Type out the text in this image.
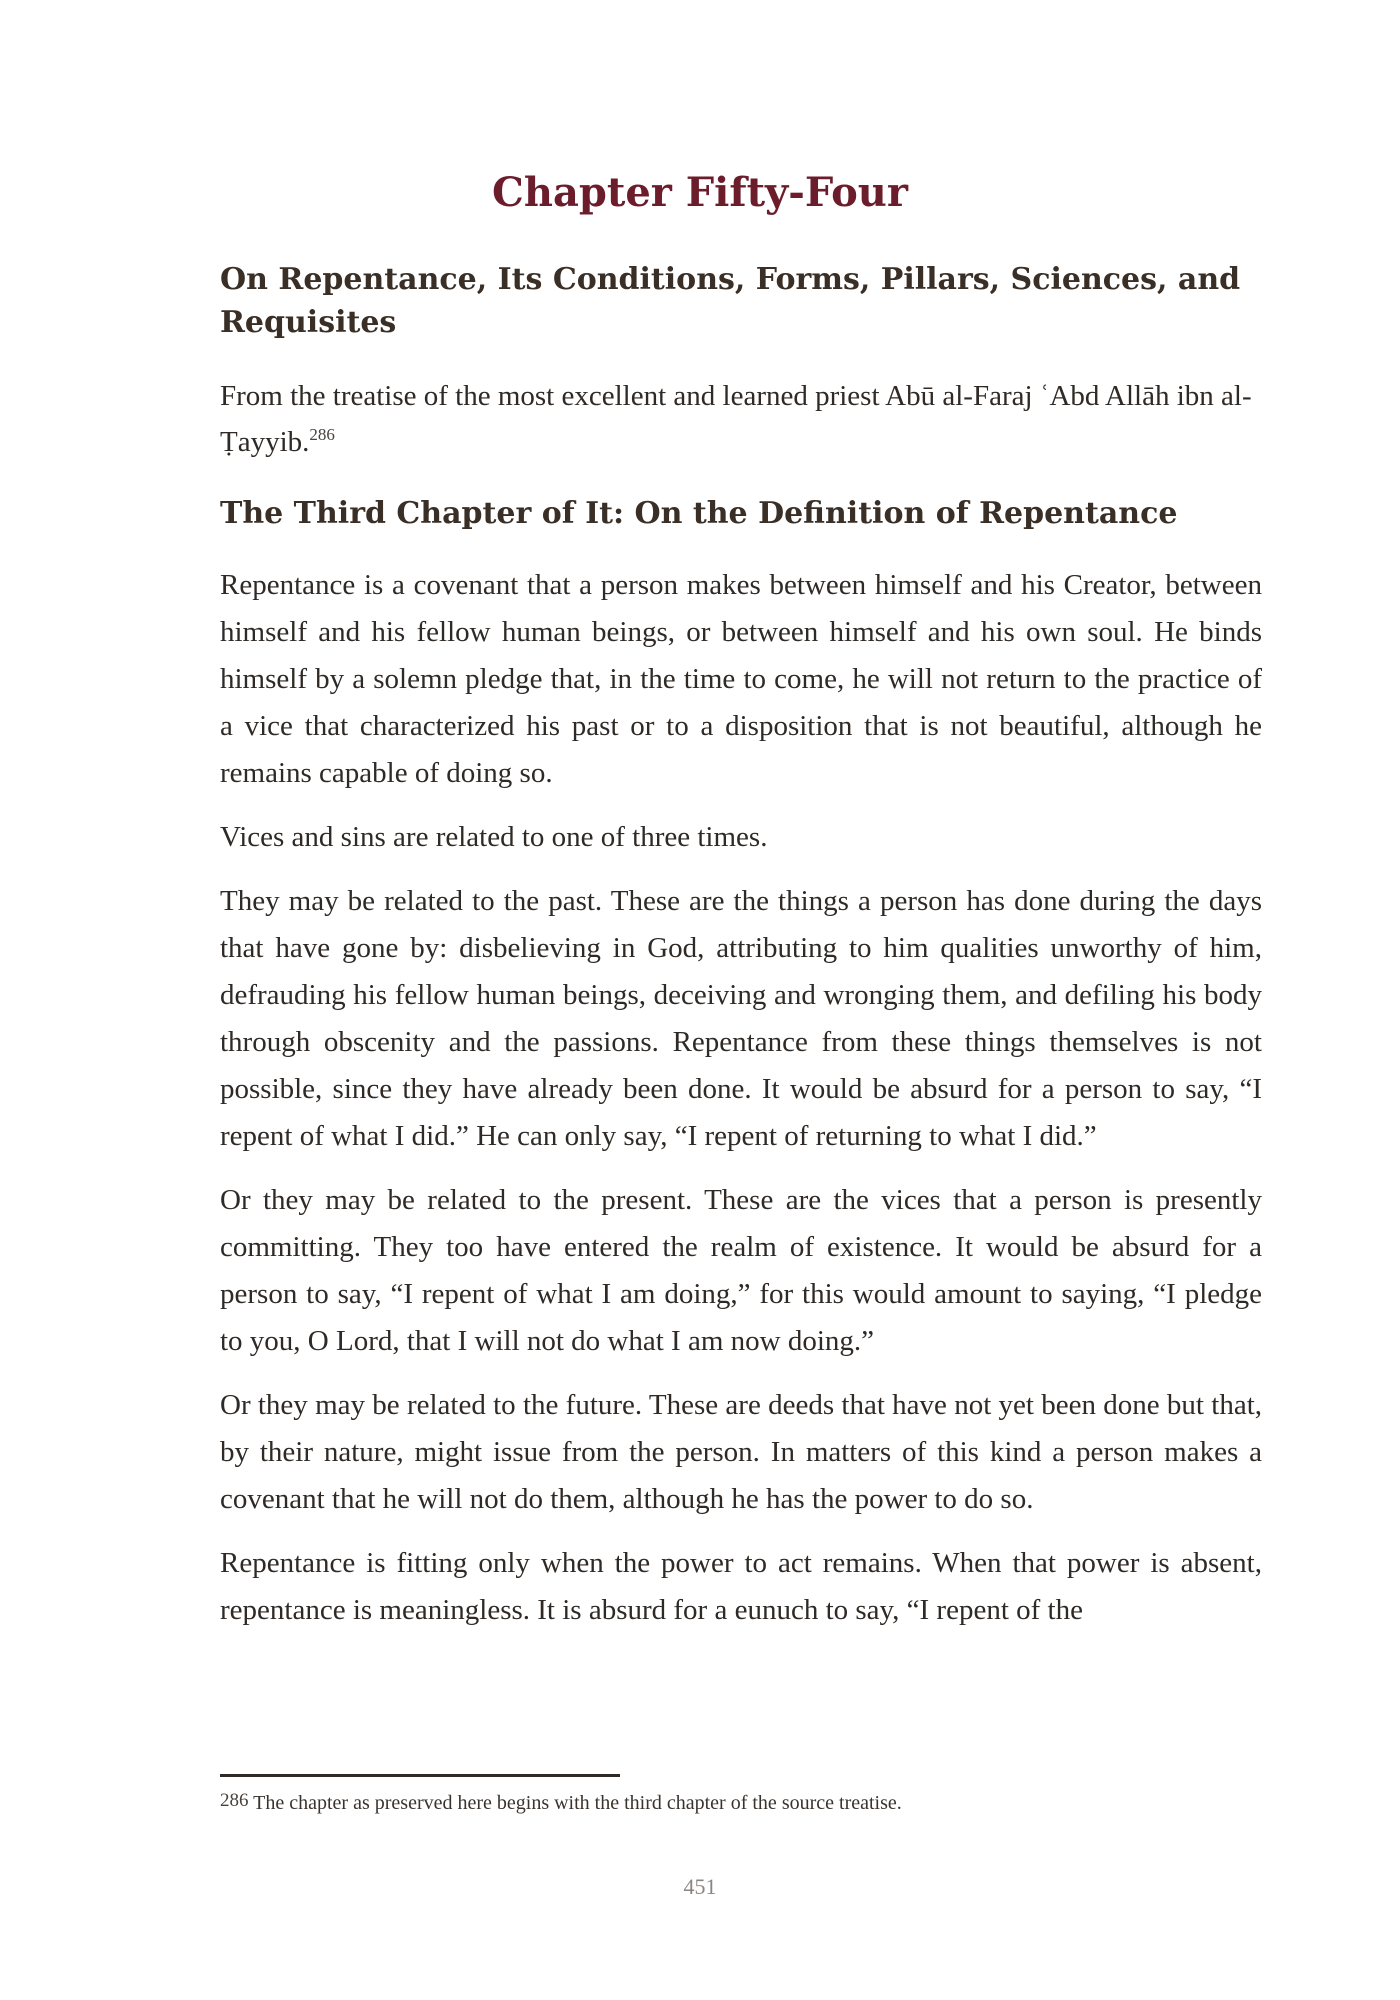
Chapter Fifty-Four
On Repentance, Its Conditions, Forms, Pillars, Sciences, and Requisites

From the treatise of the most excellent and learned priest Abū al-Faraj ʿAbd Allāh ibn al-Ṭayyib.$^{286}$

The Third Chapter of It: On the Definition of Repentance

Repentance is a covenant that a person makes between himself and his Creator, between himself and his fellow human beings, or between himself and his own soul. He binds himself by a solemn pledge that, in the time to come, he will not return to the practice of a vice that characterized his past or to a disposition that is not beautiful, although he remains capable of doing so.

Vices and sins are related to one of three times.

They may be related to the past. These are the things a person has done during the days that have gone by: disbelieving in God, attributing to him qualities unworthy of him, defrauding his fellow human beings, deceiving and wronging them, and defiling his body through obscenity and the passions. Repentance from these things themselves is not possible, since they have already been done. It would be absurd for a person to say, “I repent of what I did.” He can only say, “I repent of returning to what I did.”

Or they may be related to the present. These are the vices that a person is presently committing. They too have entered the realm of existence. It would be absurd for a person to say, “I repent of what I am doing,” for this would amount to saying, “I pledge to you, O Lord, that I will not do what I am now doing.”

Or they may be related to the future. These are deeds that have not yet been done but that, by their nature, might issue from the person. In matters of this kind a person makes a covenant that he will not do them, although he has the power to do so.

Repentance is fitting only when the power to act remains. When that power is absent, repentance is meaningless. It is absurd for a eunuch to say, “I repent of the

$^{286}$ The chapter as preserved here begins with the third chapter of the source treatise.

451
